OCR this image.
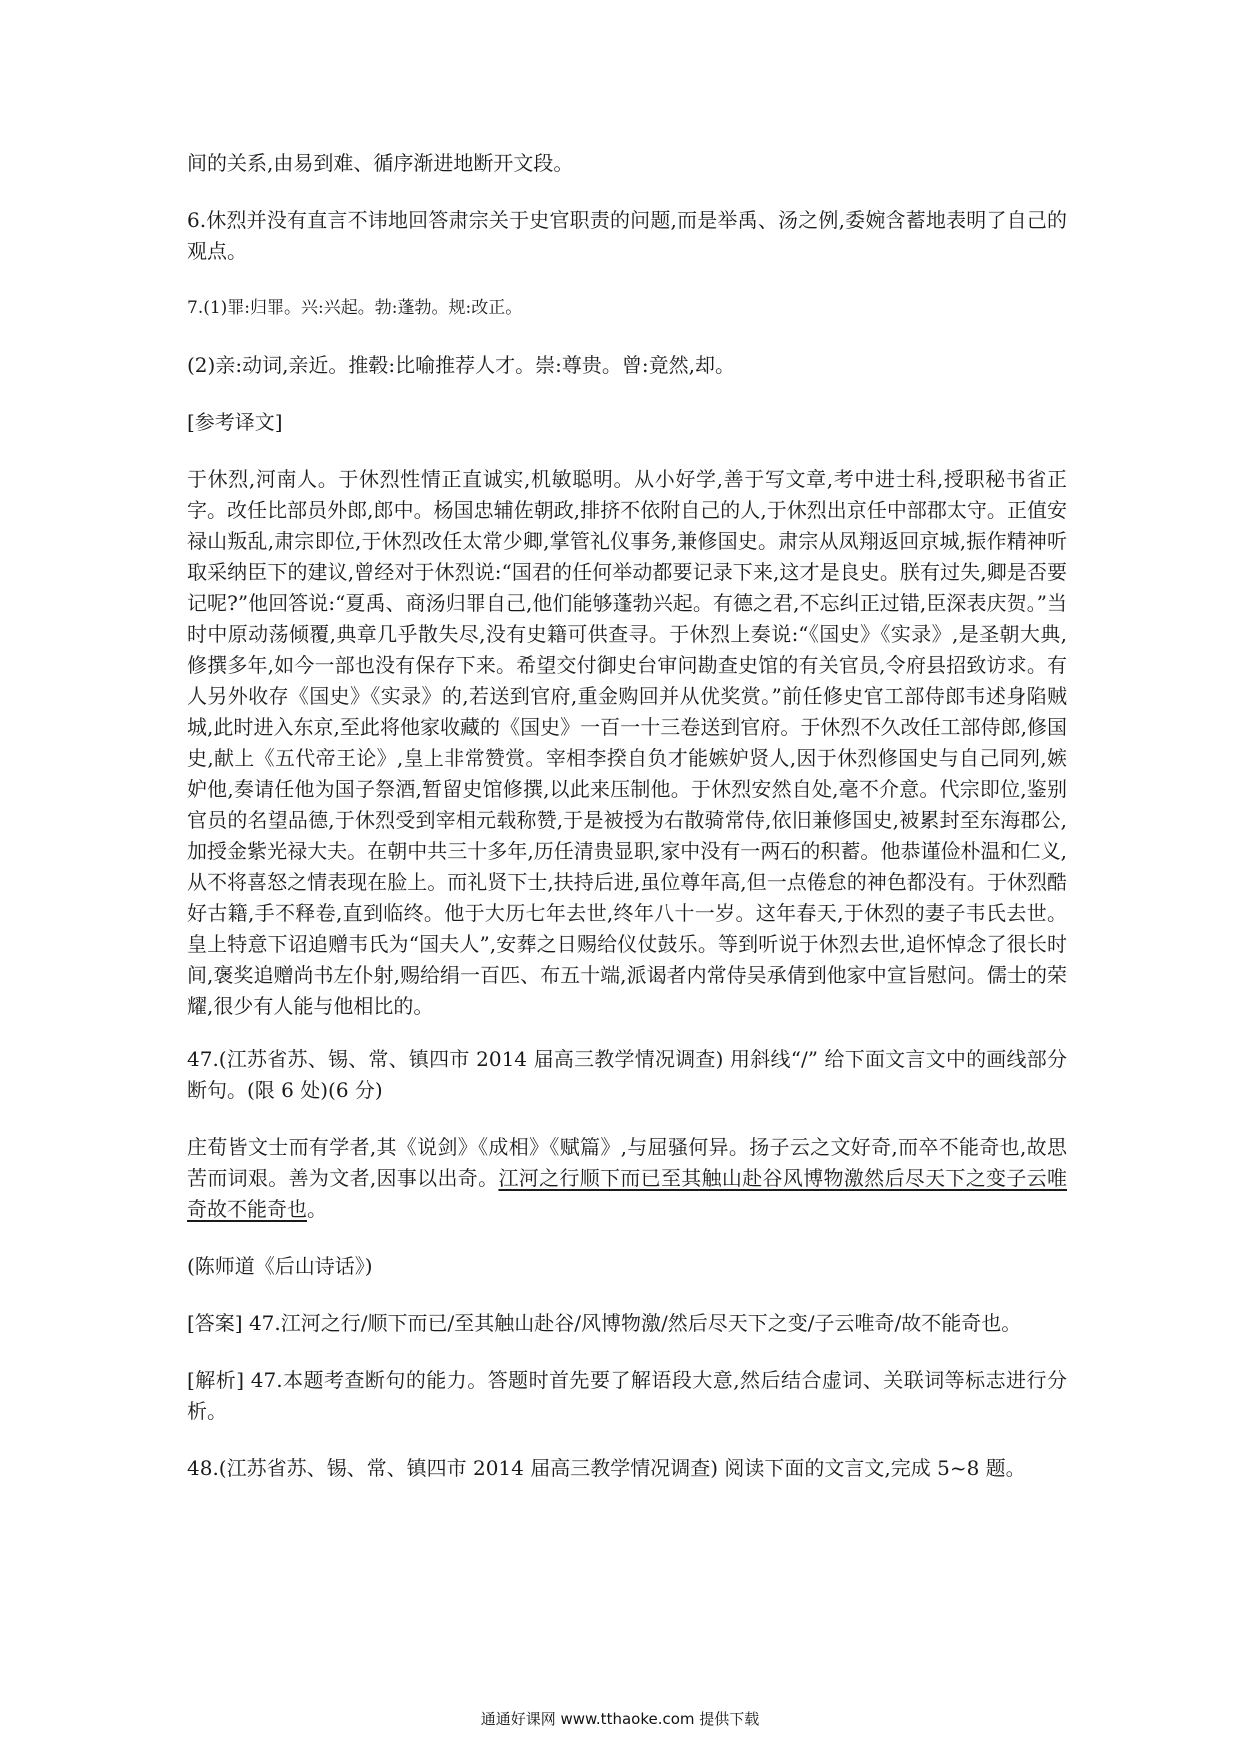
间的关系,由易到难、循序渐进地断开文段。

6.休烈并没有直言不讳地回答肃宗关于史官职责的问题,而是举禹、汤之例,委婉含蓄地表明了自己的观点。

7.(1)罪:归罪。兴:兴起。勃:蓬勃。规:改正。

(2)亲:动词,亲近。推毂:比喻推荐人才。崇:尊贵。曾:竟然,却。

[参考译文]

于休烈,河南人。于休烈性情正直诚实,机敏聪明。从小好学,善于写文章,考中进士科,授职秘书省正字。改任比部员外郎,郎中。杨国忠辅佐朝政,排挤不依附自己的人,于休烈出京任中部郡太守。正值安禄山叛乱,肃宗即位,于休烈改任太常少卿,掌管礼仪事务,兼修国史。肃宗从凤翔返回京城,振作精神听取采纳臣下的建议,曾经对于休烈说:“国君的任何举动都要记录下来,这才是良史。朕有过失,卿是否要记呢?”他回答说:“夏禹、商汤归罪自己,他们能够蓬勃兴起。有德之君,不忘纠正过错,臣深表庆贺。”当时中原动荡倾覆,典章几乎散失尽,没有史籍可供查寻。于休烈上奏说:“《国史》《实录》,是圣朝大典,修撰多年,如今一部也没有保存下来。希望交付御史台审问勘查史馆的有关官员,令府县招致访求。有人另外收存《国史》《实录》的,若送到官府,重金购回并从优奖赏。”前任修史官工部侍郎韦述身陷贼城,此时进入东京,至此将他家收藏的《国史》一百一十三卷送到官府。于休烈不久改任工部侍郎,修国史,献上《五代帝王论》,皇上非常赞赏。宰相李揆自负才能嫉妒贤人,因于休烈修国史与自己同列,嫉妒他,奏请任他为国子祭酒,暂留史馆修撰,以此来压制他。于休烈安然自处,毫不介意。代宗即位,鉴别官员的名望品德,于休烈受到宰相元载称赞,于是被授为右散骑常侍,依旧兼修国史,被累封至东海郡公,加授金紫光禄大夫。在朝中共三十多年,历任清贵显职,家中没有一两石的积蓄。他恭谨俭朴温和仁义,从不将喜怒之情表现在脸上。而礼贤下士,扶持后进,虽位尊年高,但一点倦怠的神色都没有。于休烈酷好古籍,手不释卷,直到临终。他于大历七年去世,终年八十一岁。这年春天,于休烈的妻子韦氏去世。皇上特意下诏追赠韦氏为“国夫人”,安葬之日赐给仪仗鼓乐。等到听说于休烈去世,追怀悼念了很长时间,褒奖追赠尚书左仆射,赐给绢一百匹、布五十端,派谒者内常侍吴承倩到他家中宣旨慰问。儒士的荣耀,很少有人能与他相比的。

47.(江苏省苏、锡、常、镇四市 2014 届高三教学情况调查) 用斜线“/” 给下面文言文中的画线部分断句。(限 6 处)(6 分)

庄荀皆文士而有学者,其《说剑》《成相》《赋篇》,与屈骚何异。扬子云之文好奇,而卒不能奇也,故思苦而词艰。善为文者,因事以出奇。江河之行顺下而已至其触山赴谷风博物激然后尽天下之变子云唯奇故不能奇也。

(陈师道《后山诗话》)

[答案] 47.江河之行/顺下而已/至其触山赴谷/风博物激/然后尽天下之变/子云唯奇/故不能奇也。

[解析] 47.本题考查断句的能力。答题时首先要了解语段大意,然后结合虚词、关联词等标志进行分析。

48.(江苏省苏、锡、常、镇四市 2014 届高三教学情况调查) 阅读下面的文言文,完成 5~8 题。

通通好课网 www.tthaoke.com 提供下载
